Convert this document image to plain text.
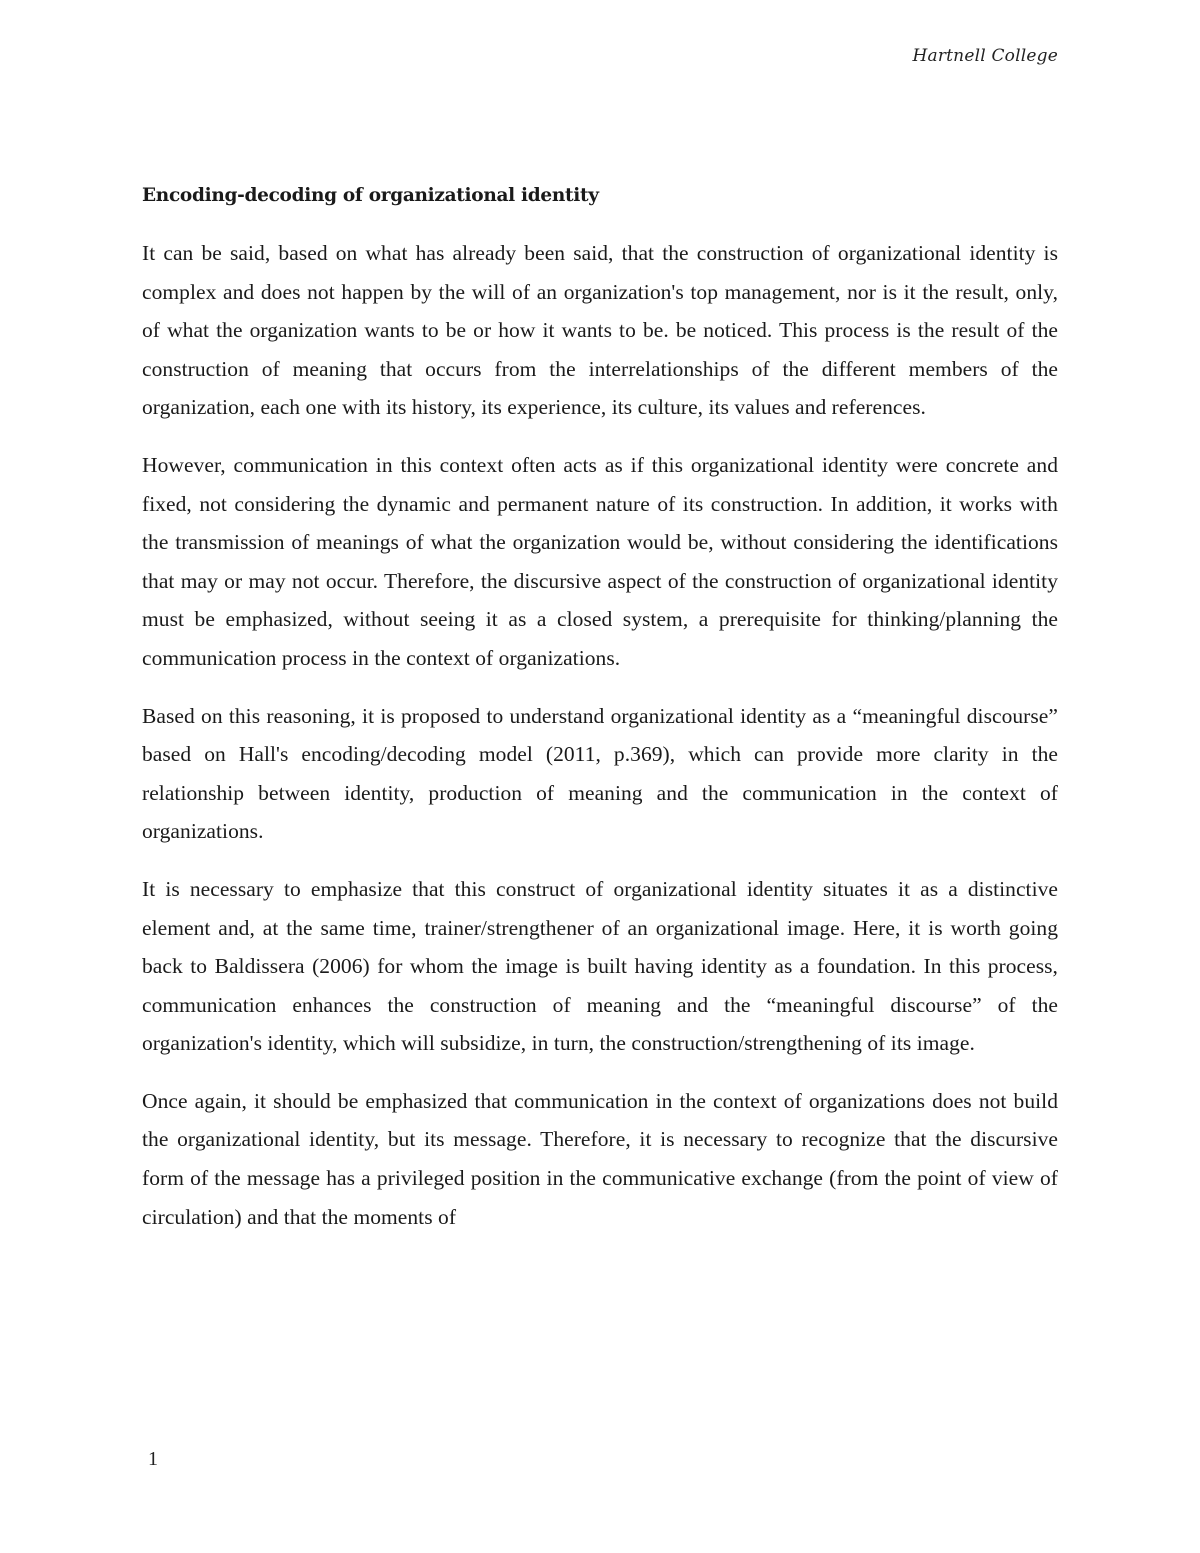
Hartnell College
Encoding-decoding of organizational identity

It can be said, based on what has already been said, that the construction of organizational identity is complex and does not happen by the will of an organization's top management, nor is it the result, only, of what the organization wants to be or how it wants to be. be noticed. This process is the result of the construction of meaning that occurs from the interrelationships of the different members of the organization, each one with its history, its experience, its culture, its values and references.

However, communication in this context often acts as if this organizational identity were concrete and fixed, not considering the dynamic and permanent nature of its construction. In addition, it works with the transmission of meanings of what the organization would be, without considering the identifications that may or may not occur. Therefore, the discursive aspect of the construction of organizational identity must be emphasized, without seeing it as a closed system, a prerequisite for thinking/planning the communication process in the context of organizations.

Based on this reasoning, it is proposed to understand organizational identity as a “meaningful discourse” based on Hall's encoding/decoding model (2011, p.369), which can provide more clarity in the relationship between identity, production of meaning and the communication in the context of organizations.

It is necessary to emphasize that this construct of organizational identity situates it as a distinctive element and, at the same time, trainer/strengthener of an organizational image. Here, it is worth going back to Baldissera (2006) for whom the image is built having identity as a foundation. In this process, communication enhances the construction of meaning and the “meaningful discourse” of the organization's identity, which will subsidize, in turn, the construction/strengthening of its image.

Once again, it should be emphasized that communication in the context of organizations does not build the organizational identity, but its message. Therefore, it is necessary to recognize that the discursive form of the message has a privileged position in the communicative exchange (from the point of view of circulation) and that the moments of

1
